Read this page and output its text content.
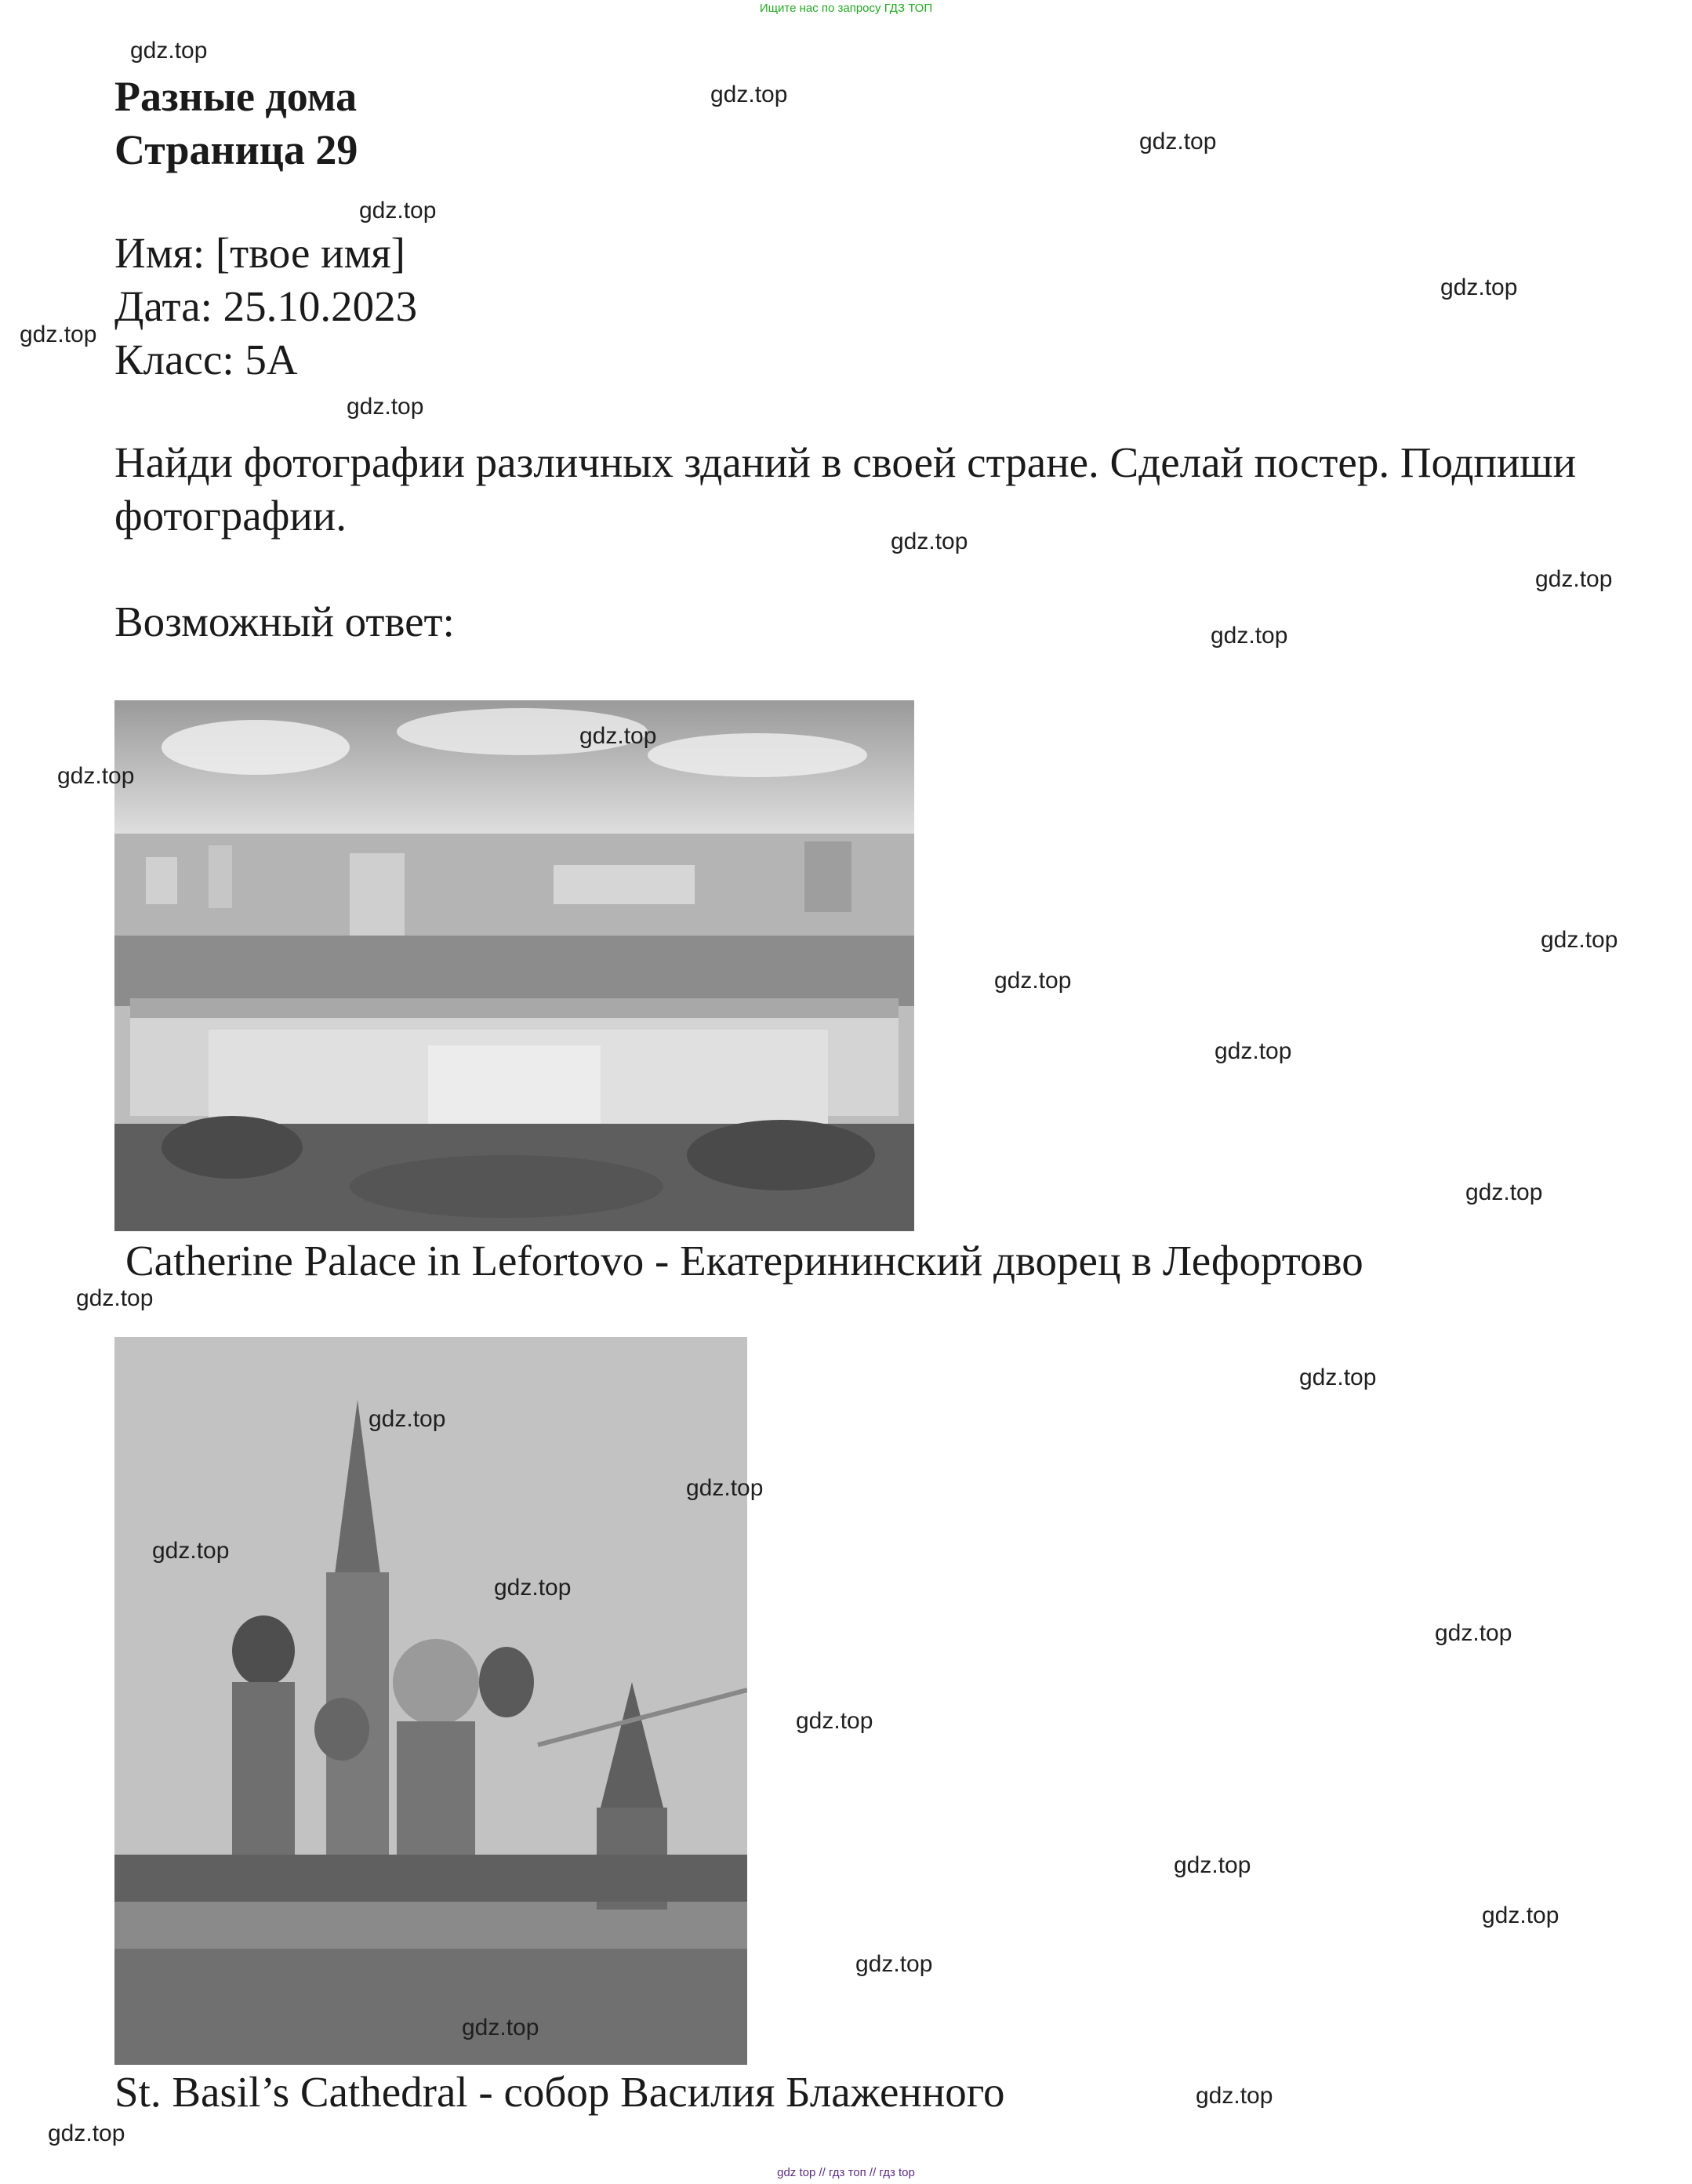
Ищите нас по запросу ГДЗ ТОП
Разные дома
Страница 29
Имя: [твое имя]
Дата: 25.10.2023
Класс: 5А
Найди фотографии различных зданий в своей стране. Сделай постер. Подпиши фотографии.
Возможный ответ:
Catherine Palace in Lefortovo - Екатерининский дворец в Лефортово
St. Basil’s Cathedral - собор Василия Блаженного
gdz.top
gdz.top
gdz.top
gdz.top
gdz.top
gdz.top
gdz.top
gdz.top
gdz.top
gdz.top
gdz.top
gdz.top
gdz.top
gdz.top
gdz.top
gdz.top
gdz.top
gdz.top
gdz.top
gdz.top
gdz.top
gdz.top
gdz.top
gdz.top
gdz.top
gdz.top
gdz.top
gdz.top
gdz.top
gdz.top
gdz top // гдз топ // гдз top
